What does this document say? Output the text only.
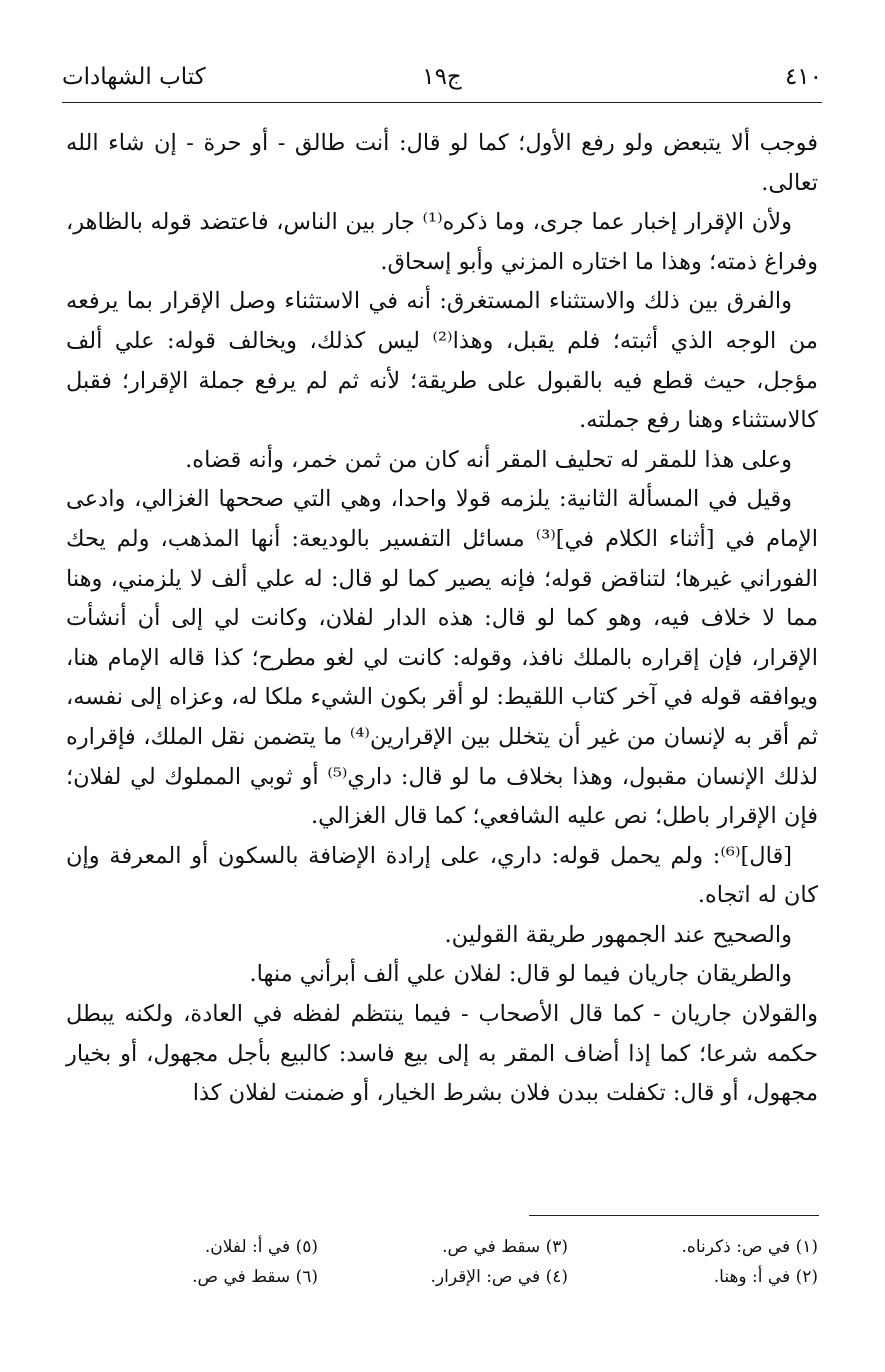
٤١٠
ج١٩
كتاب الشهادات

فوجب ألا يتبعض ولو رفع الأول؛ كما لو قال: أنت طالق - أو حرة - إن شاء الله تعالى.

ولأن الإقرار إخبار عما جرى، وما ذكره⁽¹⁾ جار بين الناس، فاعتضد قوله بالظاهر، وفراغ ذمته؛ وهذا ما اختاره المزني وأبو إسحاق.

والفرق بين ذلك والاستثناء المستغرق: أنه في الاستثناء وصل الإقرار بما يرفعه من الوجه الذي أثبته؛ فلم يقبل، وهذا⁽²⁾ ليس كذلك، ويخالف قوله: علي ألف مؤجل، حيث قطع فيه بالقبول على طريقة؛ لأنه ثم لم يرفع جملة الإقرار؛ فقبل كالاستثناء وهنا رفع جملته.

وعلى هذا للمقر له تحليف المقر أنه كان من ثمن خمر، وأنه قضاه.

وقيل في المسألة الثانية: يلزمه قولا واحدا، وهي التي صححها الغزالي، وادعى الإمام في [أثناء الكلام في]⁽³⁾ مسائل التفسير بالوديعة: أنها المذهب، ولم يحك الفوراني غيرها؛ لتناقض قوله؛ فإنه يصير كما لو قال: له علي ألف لا يلزمني، وهنا مما لا خلاف فيه، وهو كما لو قال: هذه الدار لفلان، وكانت لي إلى أن أنشأت الإقرار، فإن إقراره بالملك نافذ، وقوله: كانت لي لغو مطرح؛ كذا قاله الإمام هنا، ويوافقه قوله في آخر كتاب اللقيط: لو أقر بكون الشيء ملكا له، وعزاه إلى نفسه، ثم أقر به لإنسان من غير أن يتخلل بين الإقرارين⁽⁴⁾ ما يتضمن نقل الملك، فإقراره لذلك الإنسان مقبول، وهذا بخلاف ما لو قال: داري⁽⁵⁾ أو ثوبي المملوك لي لفلان؛ فإن الإقرار باطل؛ نص عليه الشافعي؛ كما قال الغزالي.

[قال]⁽⁶⁾: ولم يحمل قوله: داري، على إرادة الإضافة بالسكون أو المعرفة وإن كان له اتجاه.

والصحيح عند الجمهور طريقة القولين.

والطريقان جاريان فيما لو قال: لفلان علي ألف أبرأني منها.

والقولان جاريان - كما قال الأصحاب - فيما ينتظم لفظه في العادة، ولكنه يبطل حكمه شرعا؛ كما إذا أضاف المقر به إلى بيع فاسد: كالبيع بأجل مجهول، أو بخيار مجهول، أو قال: تكفلت ببدن فلان بشرط الخيار، أو ضمنت لفلان كذا

(١) في ص: ذكرناه.
(٣) سقط في ص.
(٥) في أ: لفلان.
(٢) في أ: وهنا.
(٤) في ص: الإقرار.
(٦) سقط في ص.
